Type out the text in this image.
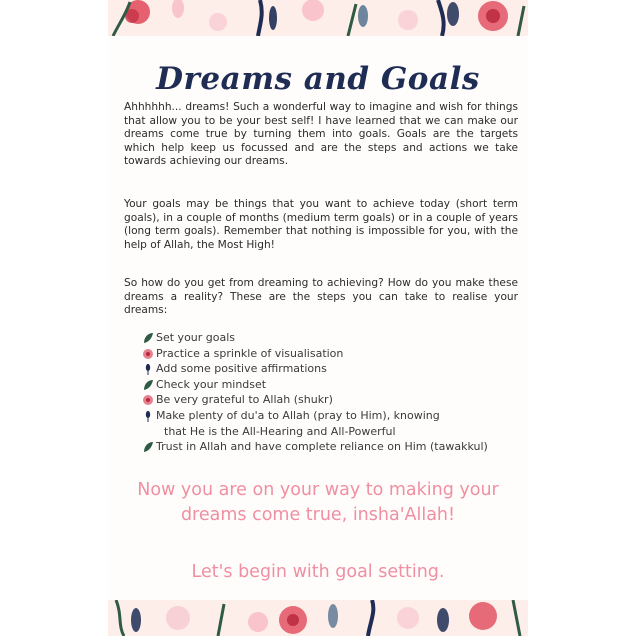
Dreams and Goals

Ahhhhhh... dreams! Such a wonderful way to imagine and wish for things that allow you to be your best self! I have learned that we can make our dreams come true by turning them into goals. Goals are the targets which help keep us focussed and are the steps and actions we take towards achieving our dreams.

Your goals may be things that you want to achieve today (short term goals), in a couple of months (medium term goals) or in a couple of years (long term goals). Remember that nothing is impossible for you, with the help of Allah, the Most High!

So how do you get from dreaming to achieving? How do you make these dreams a reality? These are the steps you can take to realise your dreams:

Set your goals
Practice a sprinkle of visualisation
Add some positive affirmations
Check your mindset
Be very grateful to Allah (shukr)
Make plenty of du'a to Allah (pray to Him), knowing
that He is the All-Hearing and All-Powerful
Trust in Allah and have complete reliance on Him (tawakkul)
Now you are on your way to making your
dreams come true, insha'Allah!
Let's begin with goal setting.
